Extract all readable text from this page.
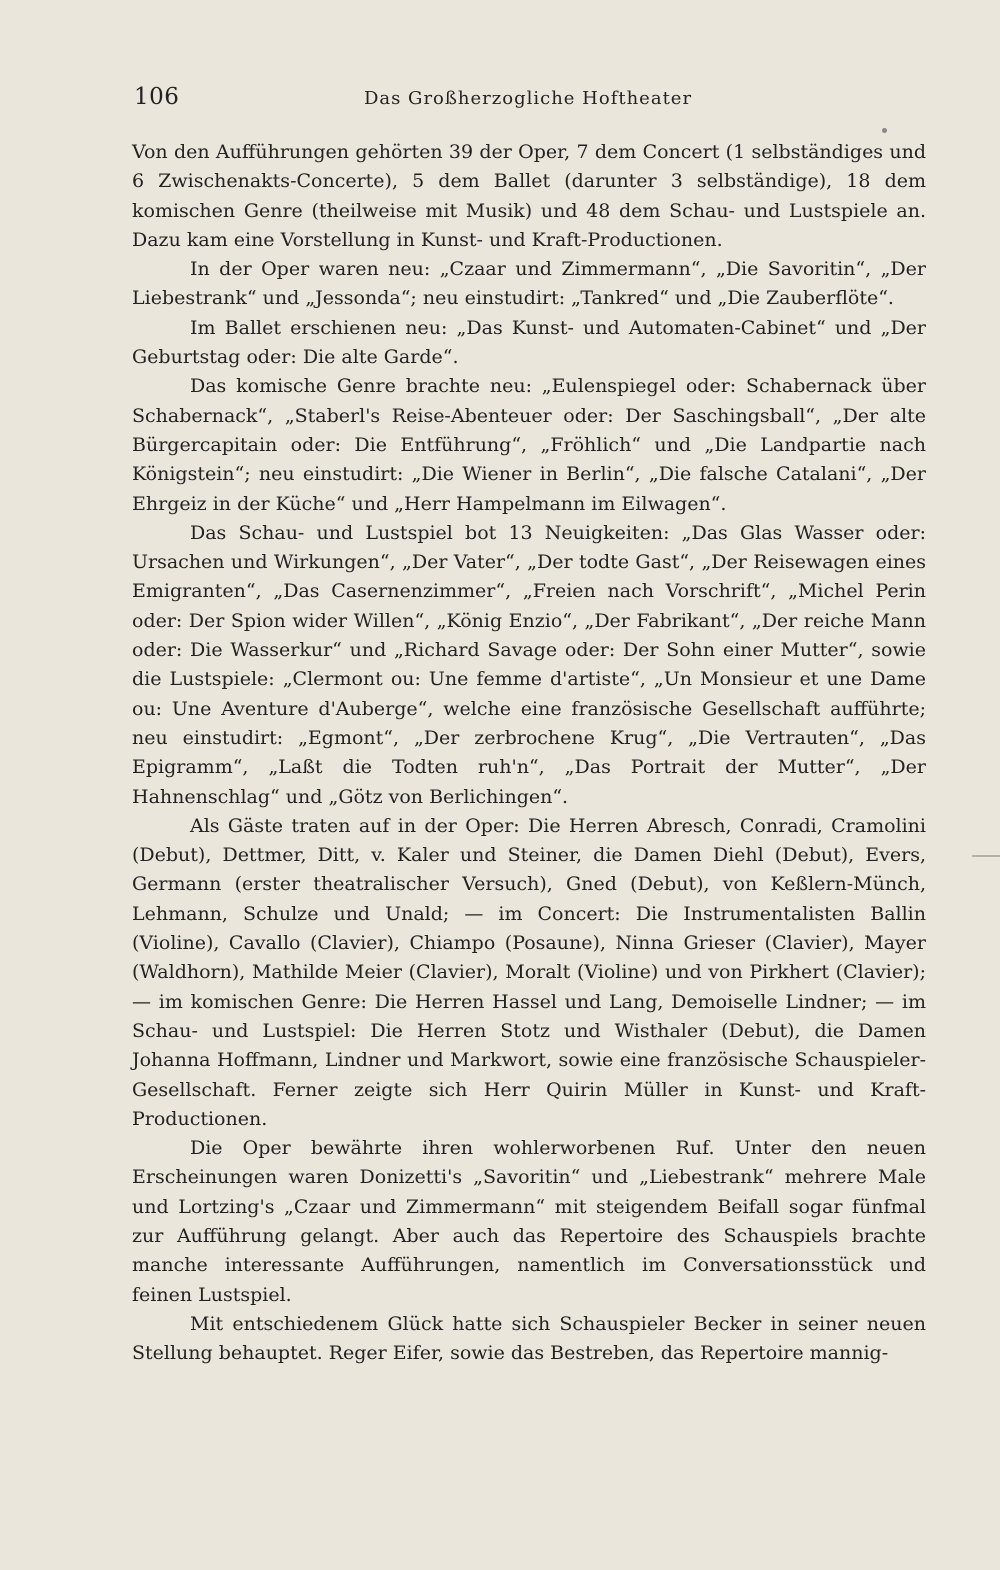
106	Das Großherzogliche Hoftheater

Von den Aufführungen gehörten 39 der Oper, 7 dem Concert (1 selbständiges und 6 Zwischenakts-Concerte), 5 dem Ballet (darunter 3 selbständige), 18 dem komischen Genre (theilweise mit Musik) und 48 dem Schau- und Lustspiele an. Dazu kam eine Vorstellung in Kunst- und Kraft-Productionen.

In der Oper waren neu: „Czaar und Zimmermann“, „Die Savoritin“, „Der Liebestrank“ und „Jessonda“; neu einstudirt: „Tankred“ und „Die Zauberflöte“.

Im Ballet erschienen neu: „Das Kunst- und Automaten-Cabinet“ und „Der Geburtstag oder: Die alte Garde“.

Das komische Genre brachte neu: „Eulenspiegel oder: Schabernack über Schabernack“, „Staberl's Reise-Abenteuer oder: Der Saschingsball“, „Der alte Bürgercapitain oder: Die Entführung“, „Fröhlich“ und „Die Landpartie nach Königstein“; neu einstudirt: „Die Wiener in Berlin“, „Die falsche Catalani“, „Der Ehrgeiz in der Küche“ und „Herr Hampelmann im Eilwagen“.

Das Schau- und Lustspiel bot 13 Neuigkeiten: „Das Glas Wasser oder: Ursachen und Wirkungen“, „Der Vater“, „Der todte Gast“, „Der Reisewagen eines Emigranten“, „Das Casernenzimmer“, „Freien nach Vorschrift“, „Michel Perin oder: Der Spion wider Willen“, „König Enzio“, „Der Fabrikant“, „Der reiche Mann oder: Die Wasserkur“ und „Richard Savage oder: Der Sohn einer Mutter“, sowie die Lustspiele: „Clermont ou: Une femme d'artiste“, „Un Monsieur et une Dame ou: Une Aventure d'Auberge“, welche eine französische Gesellschaft aufführte; neu einstudirt: „Egmont“, „Der zerbrochene Krug“, „Die Vertrauten“, „Das Epigramm“, „Laßt die Todten ruh'n“, „Das Portrait der Mutter“, „Der Hahnenschlag“ und „Götz von Berlichingen“.

Als Gäste traten auf in der Oper: Die Herren Abresch, Conradi, Cramolini (Debut), Dettmer, Ditt, v. Kaler und Steiner, die Damen Diehl (Debut), Evers, Germann (erster theatralischer Versuch), Gned (Debut), von Keßlern-Münch, Lehmann, Schulze und Unald; — im Concert: Die Instrumentalisten Ballin (Violine), Cavallo (Clavier), Chiampo (Posaune), Ninna Grieser (Clavier), Mayer (Waldhorn), Mathilde Meier (Clavier), Moralt (Violine) und von Pirkhert (Clavier); — im komischen Genre: Die Herren Hassel und Lang, Demoiselle Lindner; — im Schau- und Lustspiel: Die Herren Stotz und Wisthaler (Debut), die Damen Johanna Hoffmann, Lindner und Markwort, sowie eine französische Schauspieler-Gesellschaft. Ferner zeigte sich Herr Quirin Müller in Kunst- und Kraft-Productionen.

Die Oper bewährte ihren wohlerworbenen Ruf. Unter den neuen Erscheinungen waren Donizetti's „Savoritin“ und „Liebestrank“ mehrere Male und Lortzing's „Czaar und Zimmermann“ mit steigendem Beifall sogar fünfmal zur Aufführung gelangt. Aber auch das Repertoire des Schauspiels brachte manche interessante Aufführungen, namentlich im Conversationsstück und feinen Lustspiel.

Mit entschiedenem Glück hatte sich Schauspieler Becker in seiner neuen Stellung behauptet. Reger Eifer, sowie das Bestreben, das Repertoire mannig-
